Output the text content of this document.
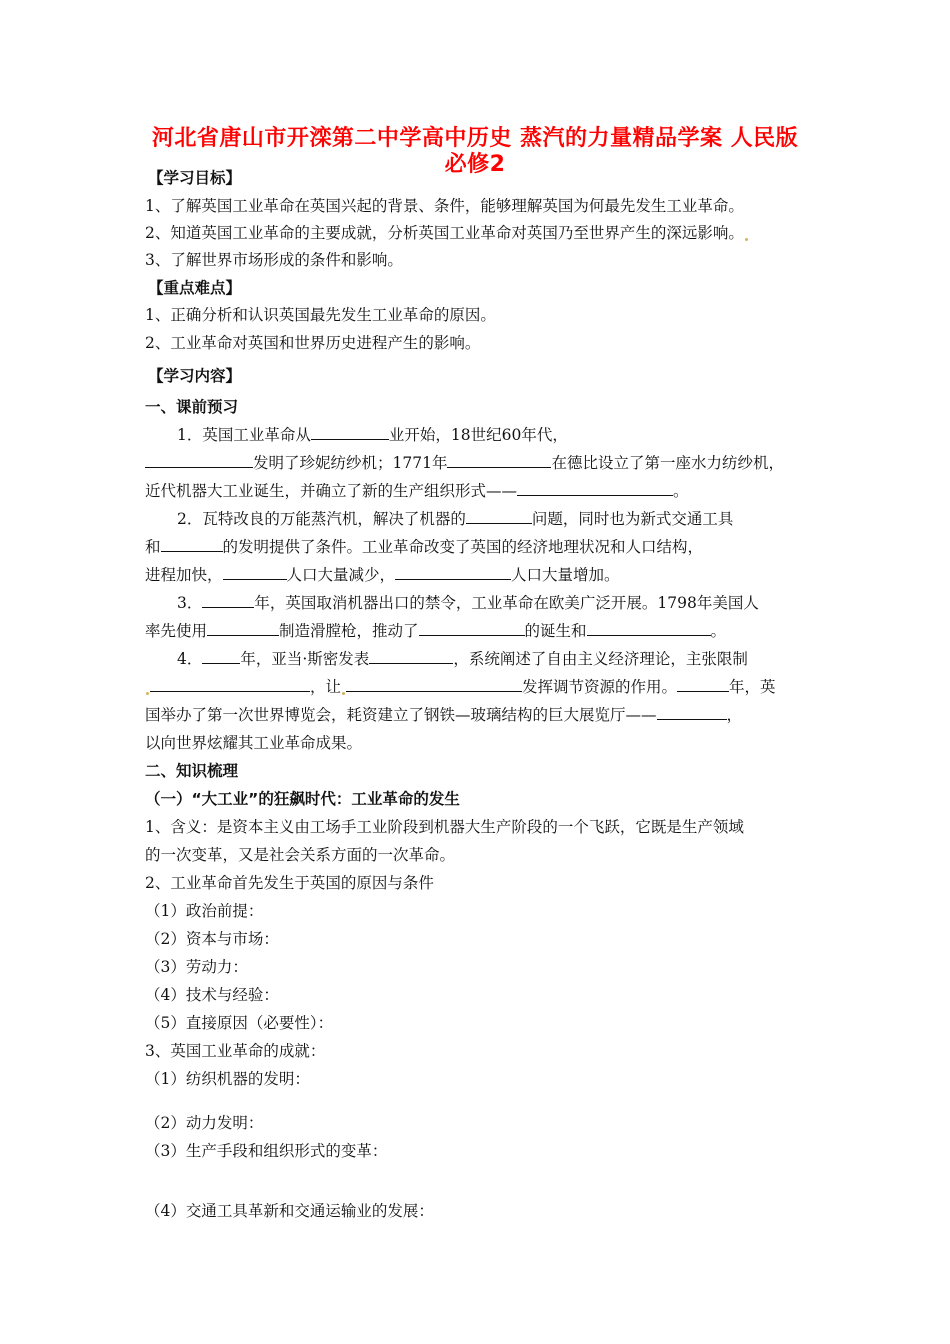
河北省唐山市开滦第二中学高中历史 蒸汽的力量精品学案 人民版
必修2
【学习目标】
1、了解英国工业革命在英国兴起的背景、条件，能够理解英国为何最先发生工业革命。
2、知道英国工业革命的主要成就，分析英国工业革命对英国乃至世界产生的深远影响。
3、了解世界市场形成的条件和影响。
【重点难点】
1、正确分析和认识英国最先发生工业革命的原因。
2、工业革命对英国和世界历史进程产生的影响。
【学习内容】
一、课前预习
1．英国工业革命从	业开始，18世纪60年代，
发明了珍妮纺纱机；1771年	在德比设立了第一座水力纺纱机，
近代机器大工业诞生，并确立了新的生产组织形式——	。
2．瓦特改良的万能蒸汽机，解决了机器的	问题，同时也为新式交通工具
和	的发明提供了条件。工业革命改变了英国的经济地理状况和人口结构，
进程加快，	人口大量减少，	人口大量增加。
3．	年，英国取消机器出口的禁令，工业革命在欧美广泛开展。1798年美国人
率先使用	制造滑膛枪，推动了	的诞生和	。
4． 年，亚当·斯密发表	，系统阐述了自由主义经济理论，主张限制
，让	发挥调节资源的作用。	年，英
国举办了第一次世界博览会，耗资建立了钢铁—玻璃结构的巨大展览厅——	，
以向世界炫耀其工业革命成果。
二、知识梳理
（一）“大工业”的狂飙时代：工业革命的发生
1、含义：是资本主义由工场手工业阶段到机器大生产阶段的一个飞跃，它既是生产领域
的一次变革，又是社会关系方面的一次革命。
2、工业革命首先发生于英国的原因与条件
（1）政治前提：
（2）资本与市场：
（3）劳动力：
（4）技术与经验：
（5）直接原因（必要性）：
3、英国工业革命的成就：
（1）纺织机器的发明：
（2）动力发明：
（3）生产手段和组织形式的变革：
（4）交通工具革新和交通运输业的发展：
